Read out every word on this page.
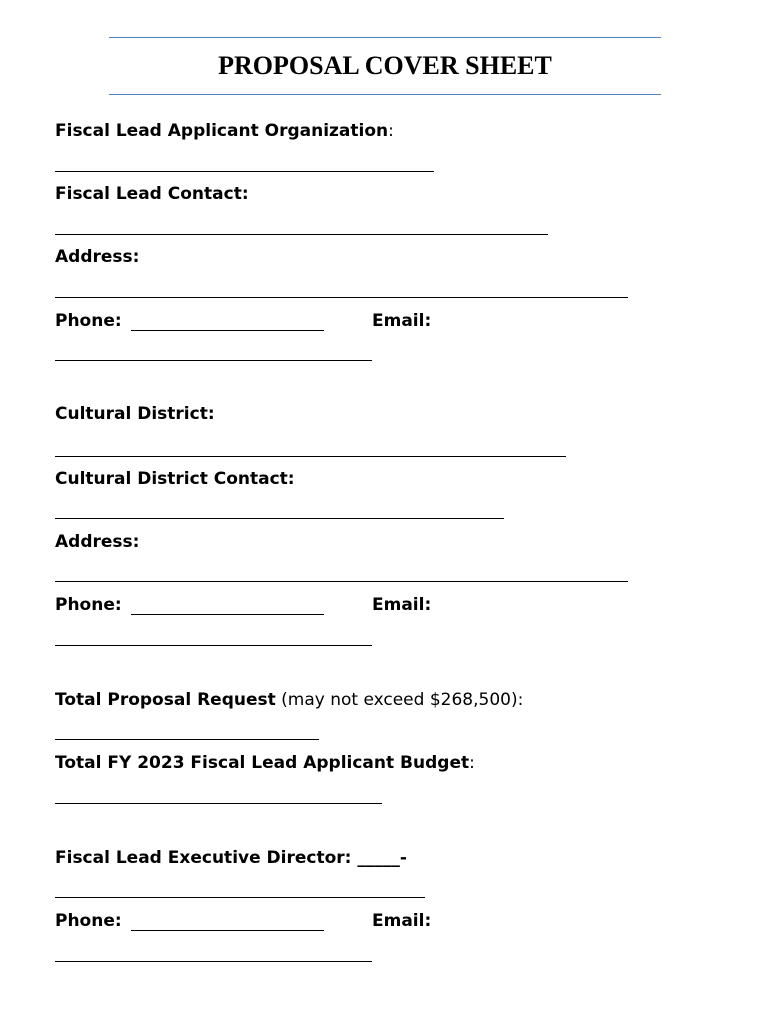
PROPOSAL COVER SHEET
Fiscal Lead Applicant Organization:
Fiscal Lead Contact:
Address:
Phone:	Email:
Cultural District:
Cultural District Contact:
Address:
Phone:	Email:
Total Proposal Request (may not exceed $268,500):
Total FY 2023 Fiscal Lead Applicant Budget:
Fiscal Lead Executive Director: _____-
Phone:	Email:
